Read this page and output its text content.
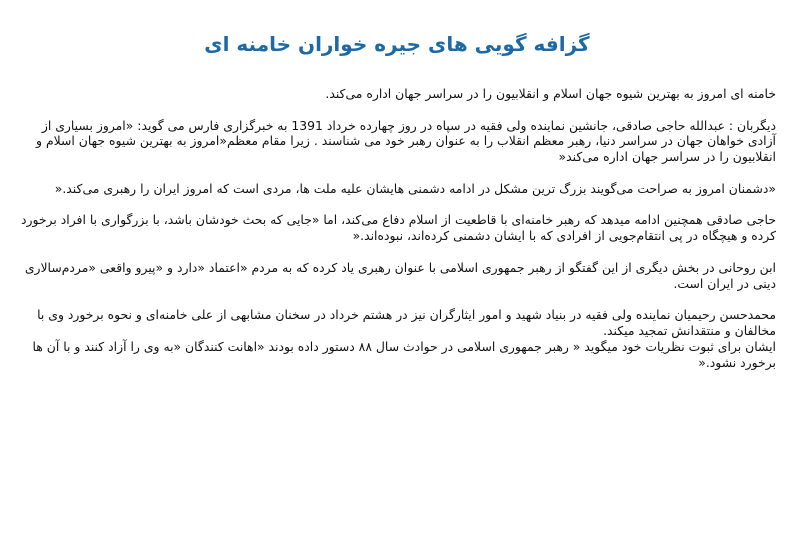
گزافه گویی های جیره خواران خامنه ای

خامنه ای امروز به بهترین شیوه جهان اسلام و انقلابیون را در سراسر جهان اداره می‌کند.

دیگربان : عبدالله حاجی صادقی، جانشین نماینده ولی فقیه در سپاه در روز چهارده خرداد 1391 به خبرگزاری فارس می گوید: «امروز بسیاری از آزادی خواهان جهان در سراسر دنیا، رهبر معظم انقلاب را به عنوان رهبر خود می شناسند . زیرا مقام معظم«امروز به بهترین شیوه جهان اسلام و انقلابیون را در سراسر جهان اداره می‌کند«

«دشمنان امروز به صراحت می‌گویند بزرگ ترین مشکل در ادامه دشمنی هایشان علیه ملت ها، مردی است که امروز ایران را رهبری می‌کند.«

حاجی صادقی همچنین ادامه میدهد که رهبر خامنه‌ای با قاطعیت از اسلام دفاع می‌کند، اما «جایی که بحث خودشان باشد، با بزرگواری با افراد برخورد کرده و هیچگاه در پی انتقام‌جویی از افرادی که با ایشان دشمنی کرده‌اند، نبوده‌اند.«

ابن روحانی در بخش دیگری از این گفتگو از رهبر جمهوری اسلامی با عنوان رهبری یاد کرده که به مردم «اعتماد «دارد و «پیرو واقعی «مردم‌سالاری دینی در ایران است.

محمدحسن رحیمیان نماینده ولی فقیه در بنیاد شهید و امور ایثارگران نیز در هشتم خرداد در سخنان مشابهی از علی خامنه‌ای و نحوه برخورد وی با مخالفان و منتقدانش تمجید میکند.

ایشان برای ثبوت نظریات خود میگوید « رهبر جمهوری اسلامی در حوادث سال ۸۸ دستور داده بودند «اهانت کنندگان «به وی را آزاد کنند و با آن ها برخورد نشود.«
